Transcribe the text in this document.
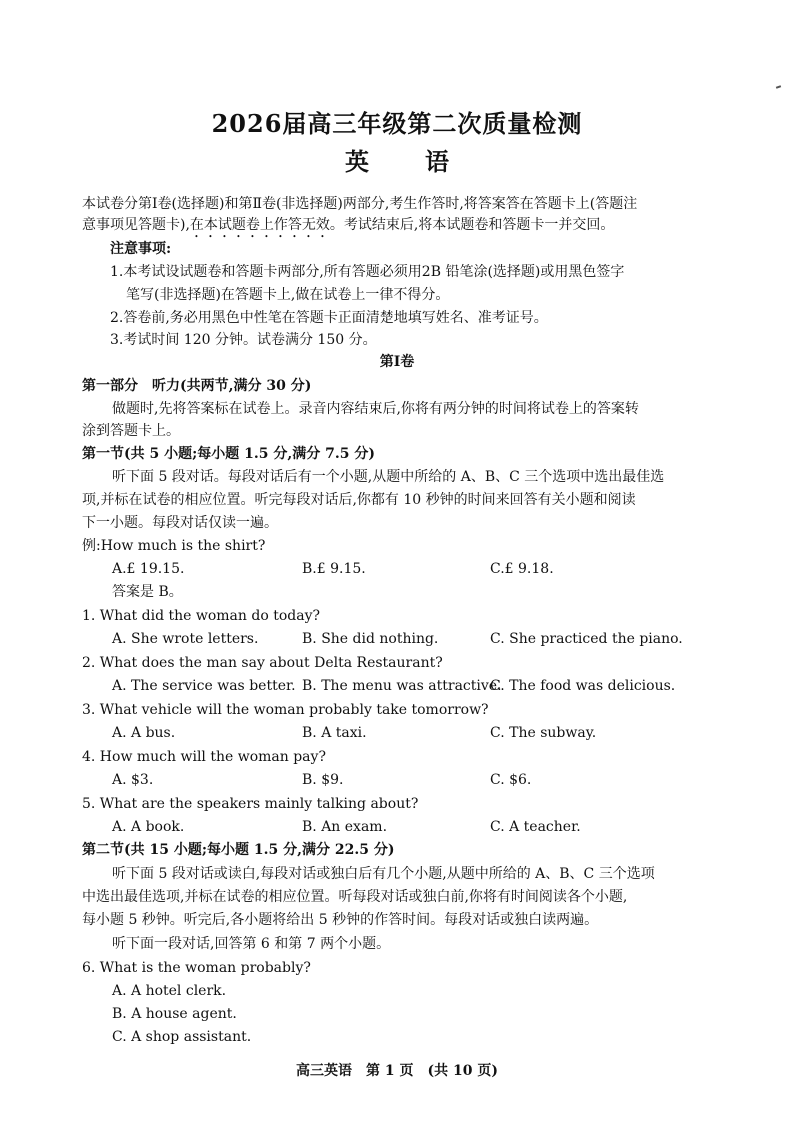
2026届高三年级第二次质量检测
英　语
本试卷分第Ⅰ卷(选择题)和第Ⅱ卷(非选择题)两部分,考生作答时,将答案答在答题卡上(答题注
意事项见答题卡),在本试题卷上作答无效。考试结束后,将本试题卷和答题卡一并交回。
注意事项:
1.本考试设试题卷和答题卡两部分,所有答题必须用2B 铅笔涂(选择题)或用黑色签字
笔写(非选择题)在答题卡上,做在试卷上一律不得分。
2.答卷前,务必用黑色中性笔在答题卡正面清楚地填写姓名、准考证号。
3.考试时间 120 分钟。试卷满分 150 分。
第Ⅰ卷
第一部分　听力(共两节,满分 30 分)
做题时,先将答案标在试卷上。录音内容结束后,你将有两分钟的时间将试卷上的答案转
涂到答题卡上。
第一节(共 5 小题;每小题 1.5 分,满分 7.5 分)
听下面 5 段对话。每段对话后有一个小题,从题中所给的 A、B、C 三个选项中选出最佳选
项,并标在试卷的相应位置。听完每段对话后,你都有 10 秒钟的时间来回答有关小题和阅读
下一小题。每段对话仅读一遍。
例:How much is the shirt?
A.£ 19.15.	B.£ 9.15.	C.£ 9.18.
答案是 B。
1. What did the woman do today?
A. She wrote letters.	B. She did nothing.	C. She practiced the piano.
2. What does the man say about Delta Restaurant?
A. The service was better. B. The menu was attractive.
C. The food was delicious.
3. What vehicle will the woman probably take tomorrow?
A. A bus.	B. A taxi.	C. The subway.
4. How much will the woman pay?
A. $3.	B. $9.	C. $6.
5. What are the speakers mainly talking about?
A. A book.	B. An exam.	C. A teacher.
第二节(共 15 小题;每小题 1.5 分,满分 22.5 分)
听下面 5 段对话或读白,每段对话或独白后有几个小题,从题中所给的 A、B、C 三个选项
中选出最佳选项,并标在试卷的相应位置。听每段对话或独白前,你将有时间阅读各个小题,
每小题 5 秒钟。听完后,各小题将给出 5 秒钟的作答时间。每段对话或独白读两遍。
听下面一段对话,回答第 6 和第 7 两个小题。
6. What is the woman probably?
A. A hotel clerk.
B. A house agent.
C. A shop assistant.
高三英语　第 1 页　(共 10 页)
